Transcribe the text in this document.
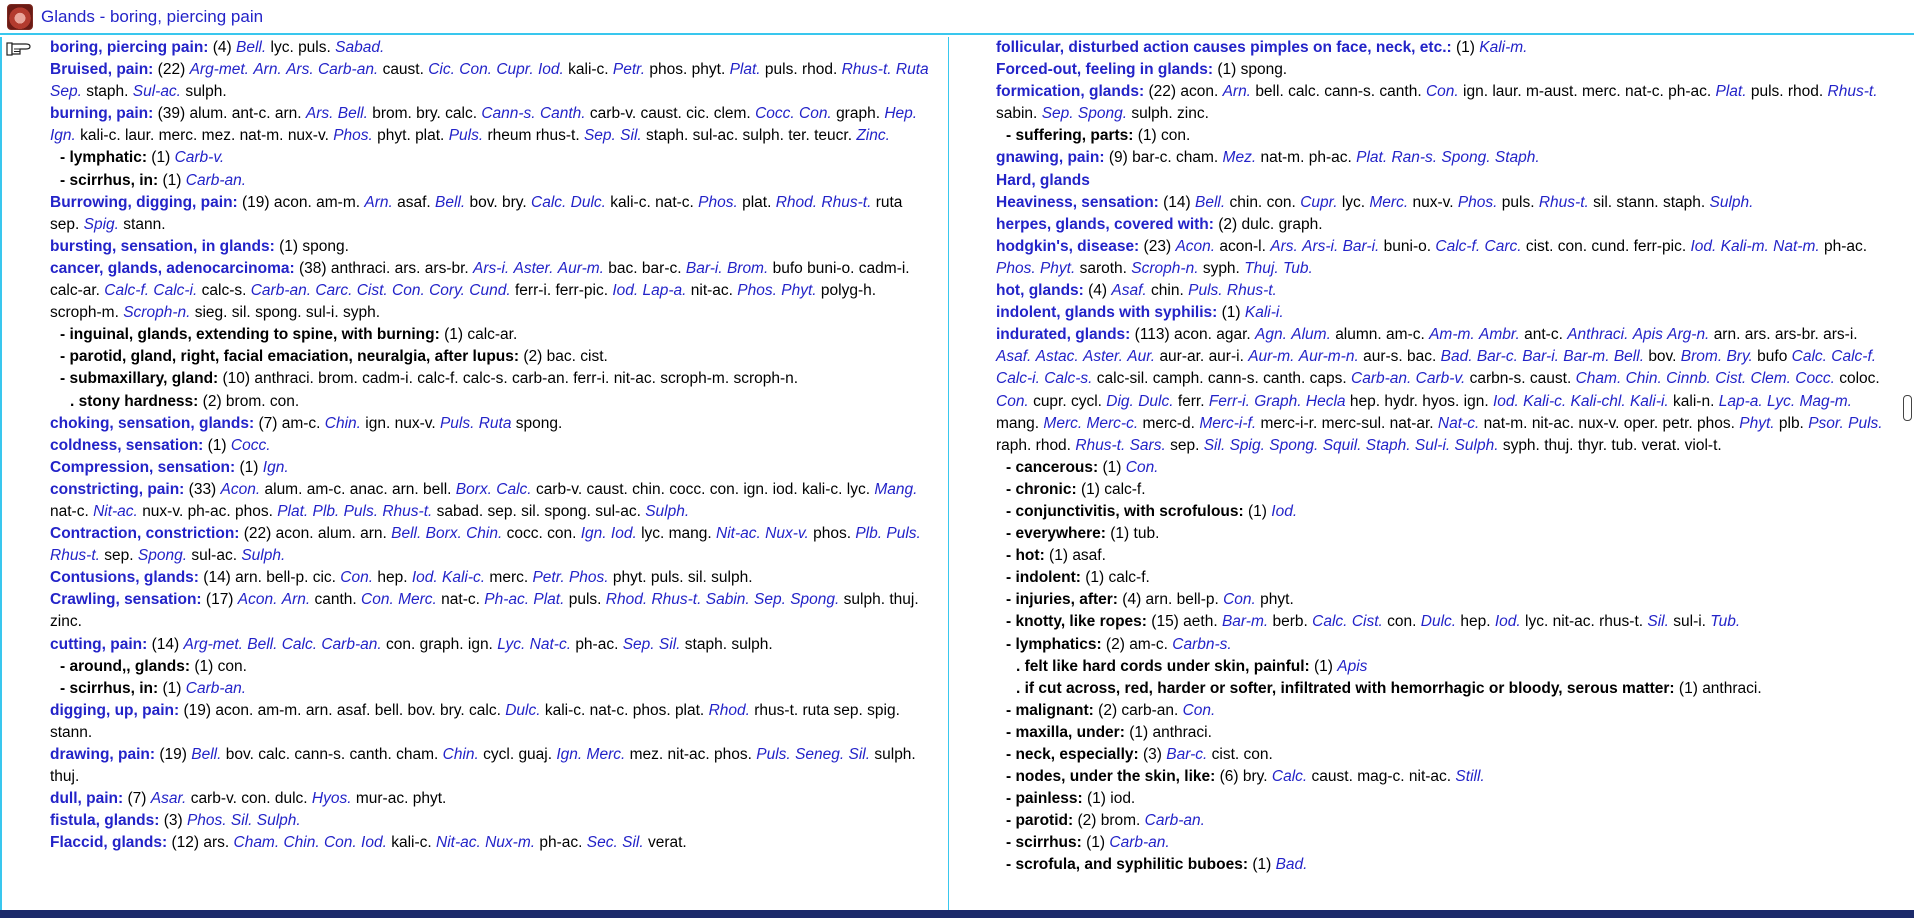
Glands - boring, piercing pain

boring, piercing pain: (4) Bell. lyc. puls. Sabad.

Bruised, pain: (22) Arg-met. Arn. Ars. Carb-an. caust. Cic. Con. Cupr. Iod. kali-c. Petr. phos. phyt. Plat. puls. rhod. Rhus-t. Ruta Sep. staph. Sul-ac. sulph.

burning, pain: (39) alum. ant-c. arn. Ars. Bell. brom. bry. calc. Cann-s. Canth. carb-v. caust. cic. clem. Cocc. Con. graph. Hep. Ign. kali-c. laur. merc. mez. nat-m. nux-v. Phos. phyt. plat. Puls. rheum rhus-t. Sep. Sil. staph. sul-ac. sulph. ter. teucr. Zinc.

- lymphatic: (1) Carb-v.

- scirrhus, in: (1) Carb-an.

Burrowing, digging, pain: (19) acon. am-m. Arn. asaf. Bell. bov. bry. Calc. Dulc. kali-c. nat-c. Phos. plat. Rhod. Rhus-t. ruta sep. Spig. stann.

bursting, sensation, in glands: (1) spong.

cancer, glands, adenocarcinoma: (38) anthraci. ars. ars-br. Ars-i. Aster. Aur-m. bac. bar-c. Bar-i. Brom. bufo buni-o. cadm-i. calc-ar. Calc-f. Calc-i. calc-s. Carb-an. Carc. Cist. Con. Cory. Cund. ferr-i. ferr-pic. Iod. Lap-a. nit-ac. Phos. Phyt. polyg-h. scroph-m. Scroph-n. sieg. sil. spong. sul-i. syph.

- inguinal, glands, extending to spine, with burning: (1) calc-ar.

- parotid, gland, right, facial emaciation, neuralgia, after lupus: (2) bac. cist.

- submaxillary, gland: (10) anthraci. brom. cadm-i. calc-f. calc-s. carb-an. ferr-i. nit-ac. scroph-m. scroph-n.

. stony hardness: (2) brom. con.

choking, sensation, glands: (7) am-c. Chin. ign. nux-v. Puls. Ruta spong.

coldness, sensation: (1) Cocc.

Compression, sensation: (1) Ign.

constricting, pain: (33) Acon. alum. am-c. anac. arn. bell. Borx. Calc. carb-v. caust. chin. cocc. con. ign. iod. kali-c. lyc. Mang. nat-c. Nit-ac. nux-v. ph-ac. phos. Plat. Plb. Puls. Rhus-t. sabad. sep. sil. spong. sul-ac. Sulph.

Contraction, constriction: (22) acon. alum. arn. Bell. Borx. Chin. cocc. con. Ign. Iod. lyc. mang. Nit-ac. Nux-v. phos. Plb. Puls. Rhus-t. sep. Spong. sul-ac. Sulph.

Contusions, glands: (14) arn. bell-p. cic. Con. hep. Iod. Kali-c. merc. Petr. Phos. phyt. puls. sil. sulph.

Crawling, sensation: (17) Acon. Arn. canth. Con. Merc. nat-c. Ph-ac. Plat. puls. Rhod. Rhus-t. Sabin. Sep. Spong. sulph. thuj. zinc.

cutting, pain: (14) Arg-met. Bell. Calc. Carb-an. con. graph. ign. Lyc. Nat-c. ph-ac. Sep. Sil. staph. sulph.

- around,, glands: (1) con.

- scirrhus, in: (1) Carb-an.

digging, up, pain: (19) acon. am-m. arn. asaf. bell. bov. bry. calc. Dulc. kali-c. nat-c. phos. plat. Rhod. rhus-t. ruta sep. spig. stann.

drawing, pain: (19) Bell. bov. calc. cann-s. canth. cham. Chin. cycl. guaj. Ign. Merc. mez. nit-ac. phos. Puls. Seneg. Sil. sulph. thuj.

dull, pain: (7) Asar. carb-v. con. dulc. Hyos. mur-ac. phyt.

fistula, glands: (3) Phos. Sil. Sulph.

Flaccid, glands: (12) ars. Cham. Chin. Con. Iod. kali-c. Nit-ac. Nux-m. ph-ac. Sec. Sil. verat.

follicular, disturbed action causes pimples on face, neck, etc.: (1) Kali-m.

Forced-out, feeling in glands: (1) spong.

formication, glands: (22) acon. Arn. bell. calc. cann-s. canth. Con. ign. laur. m-aust. merc. nat-c. ph-ac. Plat. puls. rhod. Rhus-t. sabin. Sep. Spong. sulph. zinc.

- suffering, parts: (1) con.

gnawing, pain: (9) bar-c. cham. Mez. nat-m. ph-ac. Plat. Ran-s. Spong. Staph.

Hard, glands

Heaviness, sensation: (14) Bell. chin. con. Cupr. lyc. Merc. nux-v. Phos. puls. Rhus-t. sil. stann. staph. Sulph.

herpes, glands, covered with: (2) dulc. graph.

hodgkin's, disease: (23) Acon. acon-l. Ars. Ars-i. Bar-i. buni-o. Calc-f. Carc. cist. con. cund. ferr-pic. Iod. Kali-m. Nat-m. ph-ac. Phos. Phyt. saroth. Scroph-n. syph. Thuj. Tub.

hot, glands: (4) Asaf. chin. Puls. Rhus-t.

indolent, glands with syphilis: (1) Kali-i.

indurated, glands: (113) acon. agar. Agn. Alum. alumn. am-c. Am-m. Ambr. ant-c. Anthraci. Apis Arg-n. arn. ars. ars-br. ars-i. Asaf. Astac. Aster. Aur. aur-ar. aur-i. Aur-m. Aur-m-n. aur-s. bac. Bad. Bar-c. Bar-i. Bar-m. Bell. bov. Brom. Bry. bufo Calc. Calc-f. Calc-i. Calc-s. calc-sil. camph. cann-s. canth. caps. Carb-an. Carb-v. carbn-s. caust. Cham. Chin. Cinnb. Cist. Clem. Cocc. coloc. Con. cupr. cycl. Dig. Dulc. ferr. Ferr-i. Graph. Hecla hep. hydr. hyos. ign. Iod. Kali-c. Kali-chl. Kali-i. kali-n. Lap-a. Lyc. Mag-m. mang. Merc. Merc-c. merc-d. Merc-i-f. merc-i-r. merc-sul. nat-ar. Nat-c. nat-m. nit-ac. nux-v. oper. petr. phos. Phyt. plb. Psor. Puls. raph. rhod. Rhus-t. Sars. sep. Sil. Spig. Spong. Squil. Staph. Sul-i. Sulph. syph. thuj. thyr. tub. verat. viol-t.

- cancerous: (1) Con.

- chronic: (1) calc-f.

- conjunctivitis, with scrofulous: (1) Iod.

- everywhere: (1) tub.

- hot: (1) asaf.

- indolent: (1) calc-f.

- injuries, after: (4) arn. bell-p. Con. phyt.

- knotty, like ropes: (15) aeth. Bar-m. berb. Calc. Cist. con. Dulc. hep. Iod. lyc. nit-ac. rhus-t. Sil. sul-i. Tub.

- lymphatics: (2) am-c. Carbn-s.

. felt like hard cords under skin, painful: (1) Apis

. if cut across, red, harder or softer, infiltrated with hemorrhagic or bloody, serous matter: (1) anthraci.

- malignant: (2) carb-an. Con.

- maxilla, under: (1) anthraci.

- neck, especially: (3) Bar-c. cist. con.

- nodes, under the skin, like: (6) bry. Calc. caust. mag-c. nit-ac. Still.

- painless: (1) iod.

- parotid: (2) brom. Carb-an.

- scirrhus: (1) Carb-an.

- scrofula, and syphilitic buboes: (1) Bad.
